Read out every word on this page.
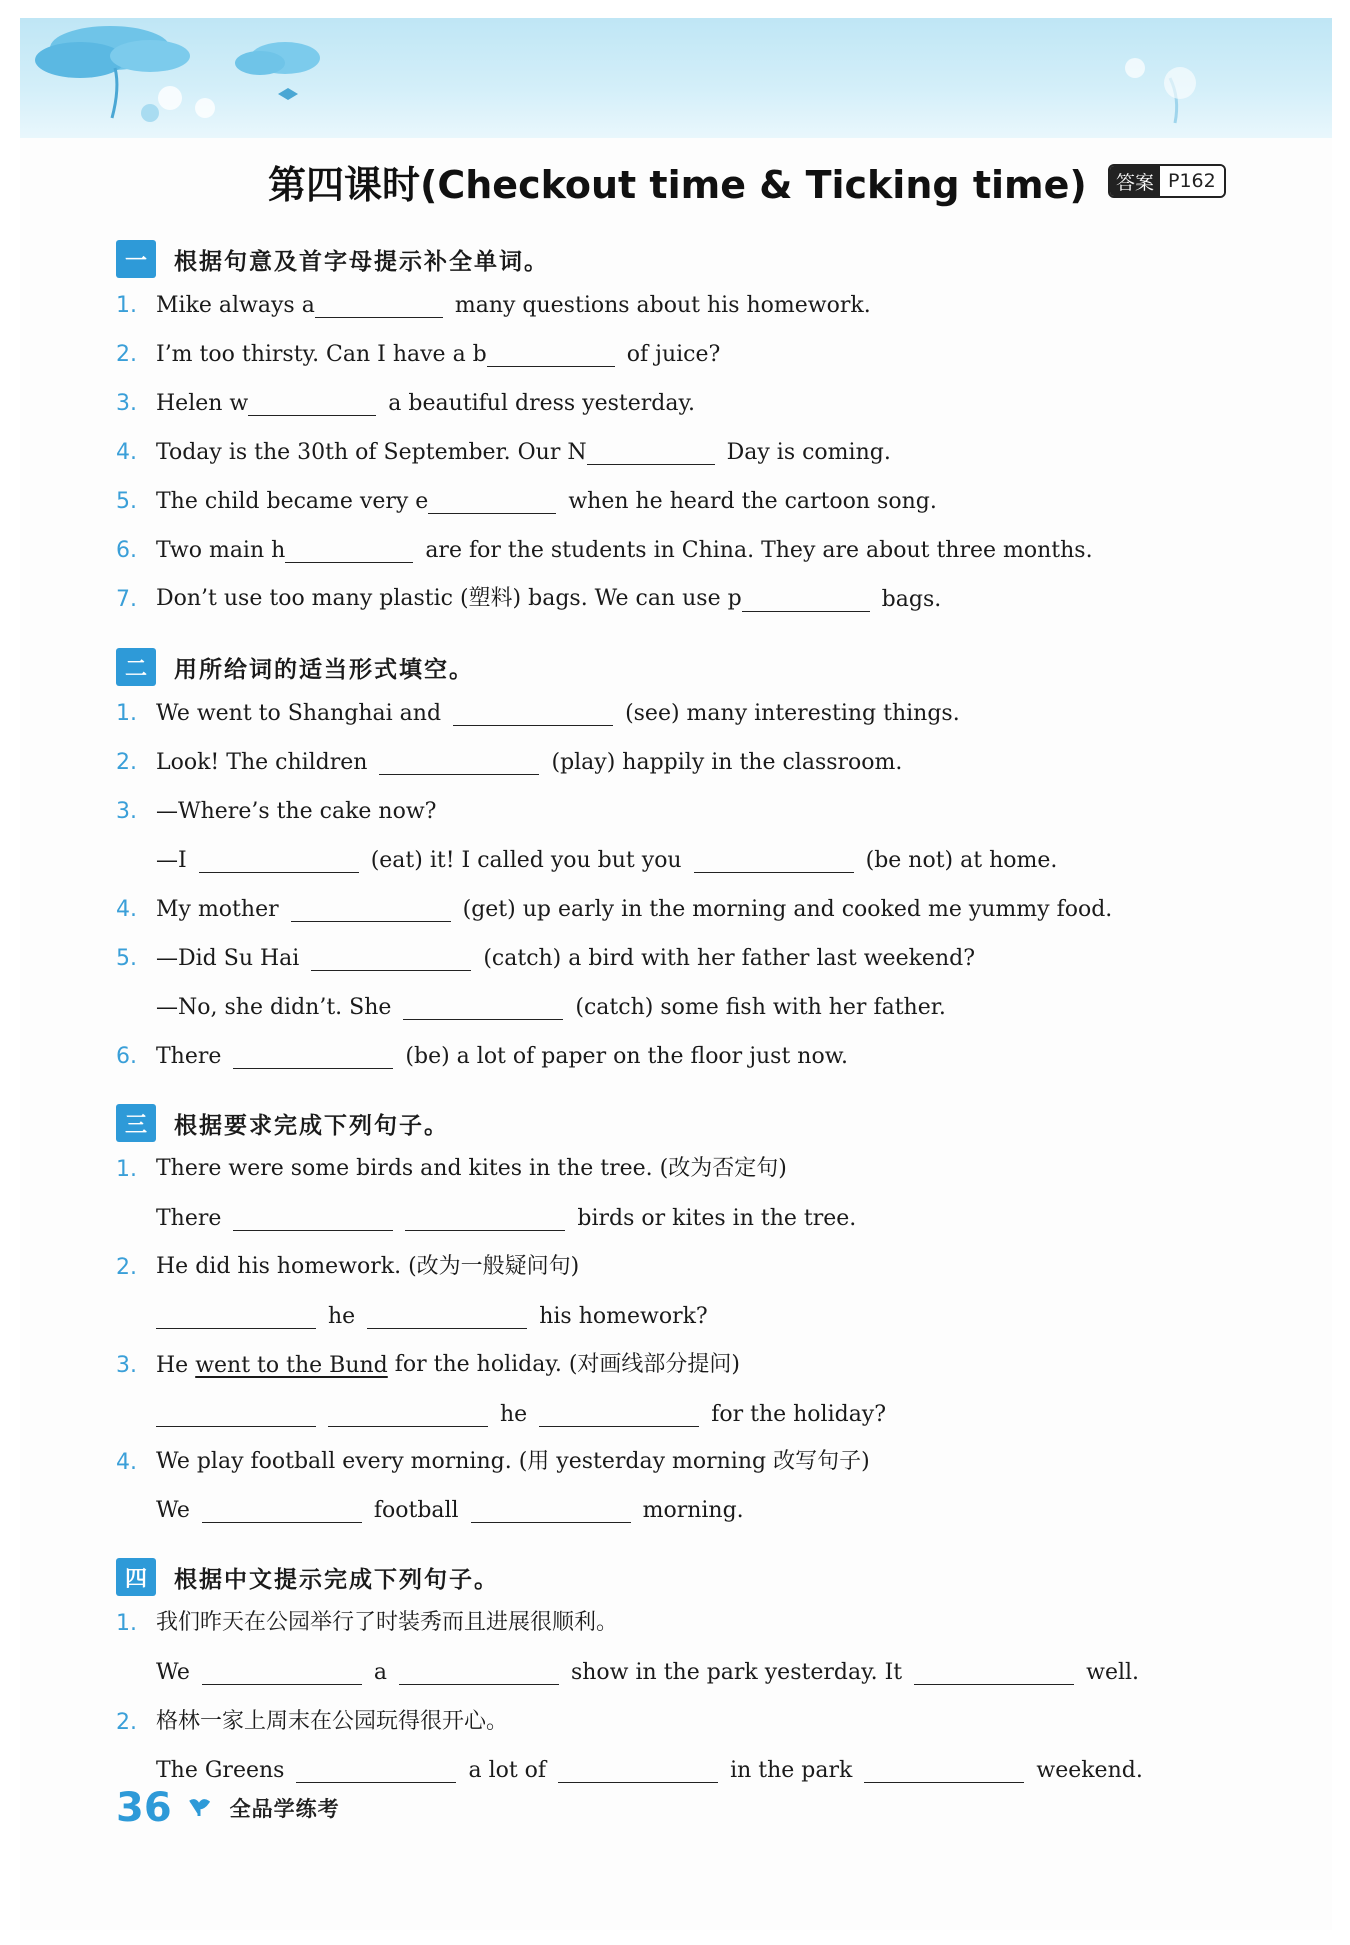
第四课时(Checkout time & Ticking time)	答案 P162
一	根据句意及首字母提示补全单词。
1. Mike always a	many questions about his homework.
2. I’m too thirsty. Can I have a b	of juice?
3. Helen w	a beautiful dress yesterday.
4. Today is the 30th of September. Our N	Day is coming.
5. The child became very e	when he heard the cartoon song.
6. Two main h	are for the students in China. They are about three months.
7. Don’t use too many plastic (塑料) bags. We can use p	bags.
二	用所给词的适当形式填空。
1. We went to Shanghai and	(see) many interesting things.
2. Look! The children	(play) happily in the classroom.
3. —Where’s the cake now?
—I	(eat) it! I called you but you	(be not) at home.
4. My mother	(get) up early in the morning and cooked me yummy food.
5. —Did Su Hai	(catch) a bird with her father last weekend?
—No, she didn’t. She	(catch) some fish with her father.
6. There	(be) a lot of paper on the floor just now.
三	根据要求完成下列句子。
1. There were some birds and kites in the tree. (改为否定句)
There	birds or kites in the tree.
2. He did his homework. (改为一般疑问句)
he	his homework?
3. He went to the Bund for the holiday. (对画线部分提问)
he	for the holiday?
4. We play football every morning. (用 yesterday morning 改写句子)
We	football	morning.
四	根据中文提示完成下列句子。
1. 我们昨天在公园举行了时装秀而且进展很顺利。
We	a	show in the park yesterday. It	well.
2. 格林一家上周末在公园玩得很开心。
The Greens	a lot of	in the park	weekend.
36	全品学练考
